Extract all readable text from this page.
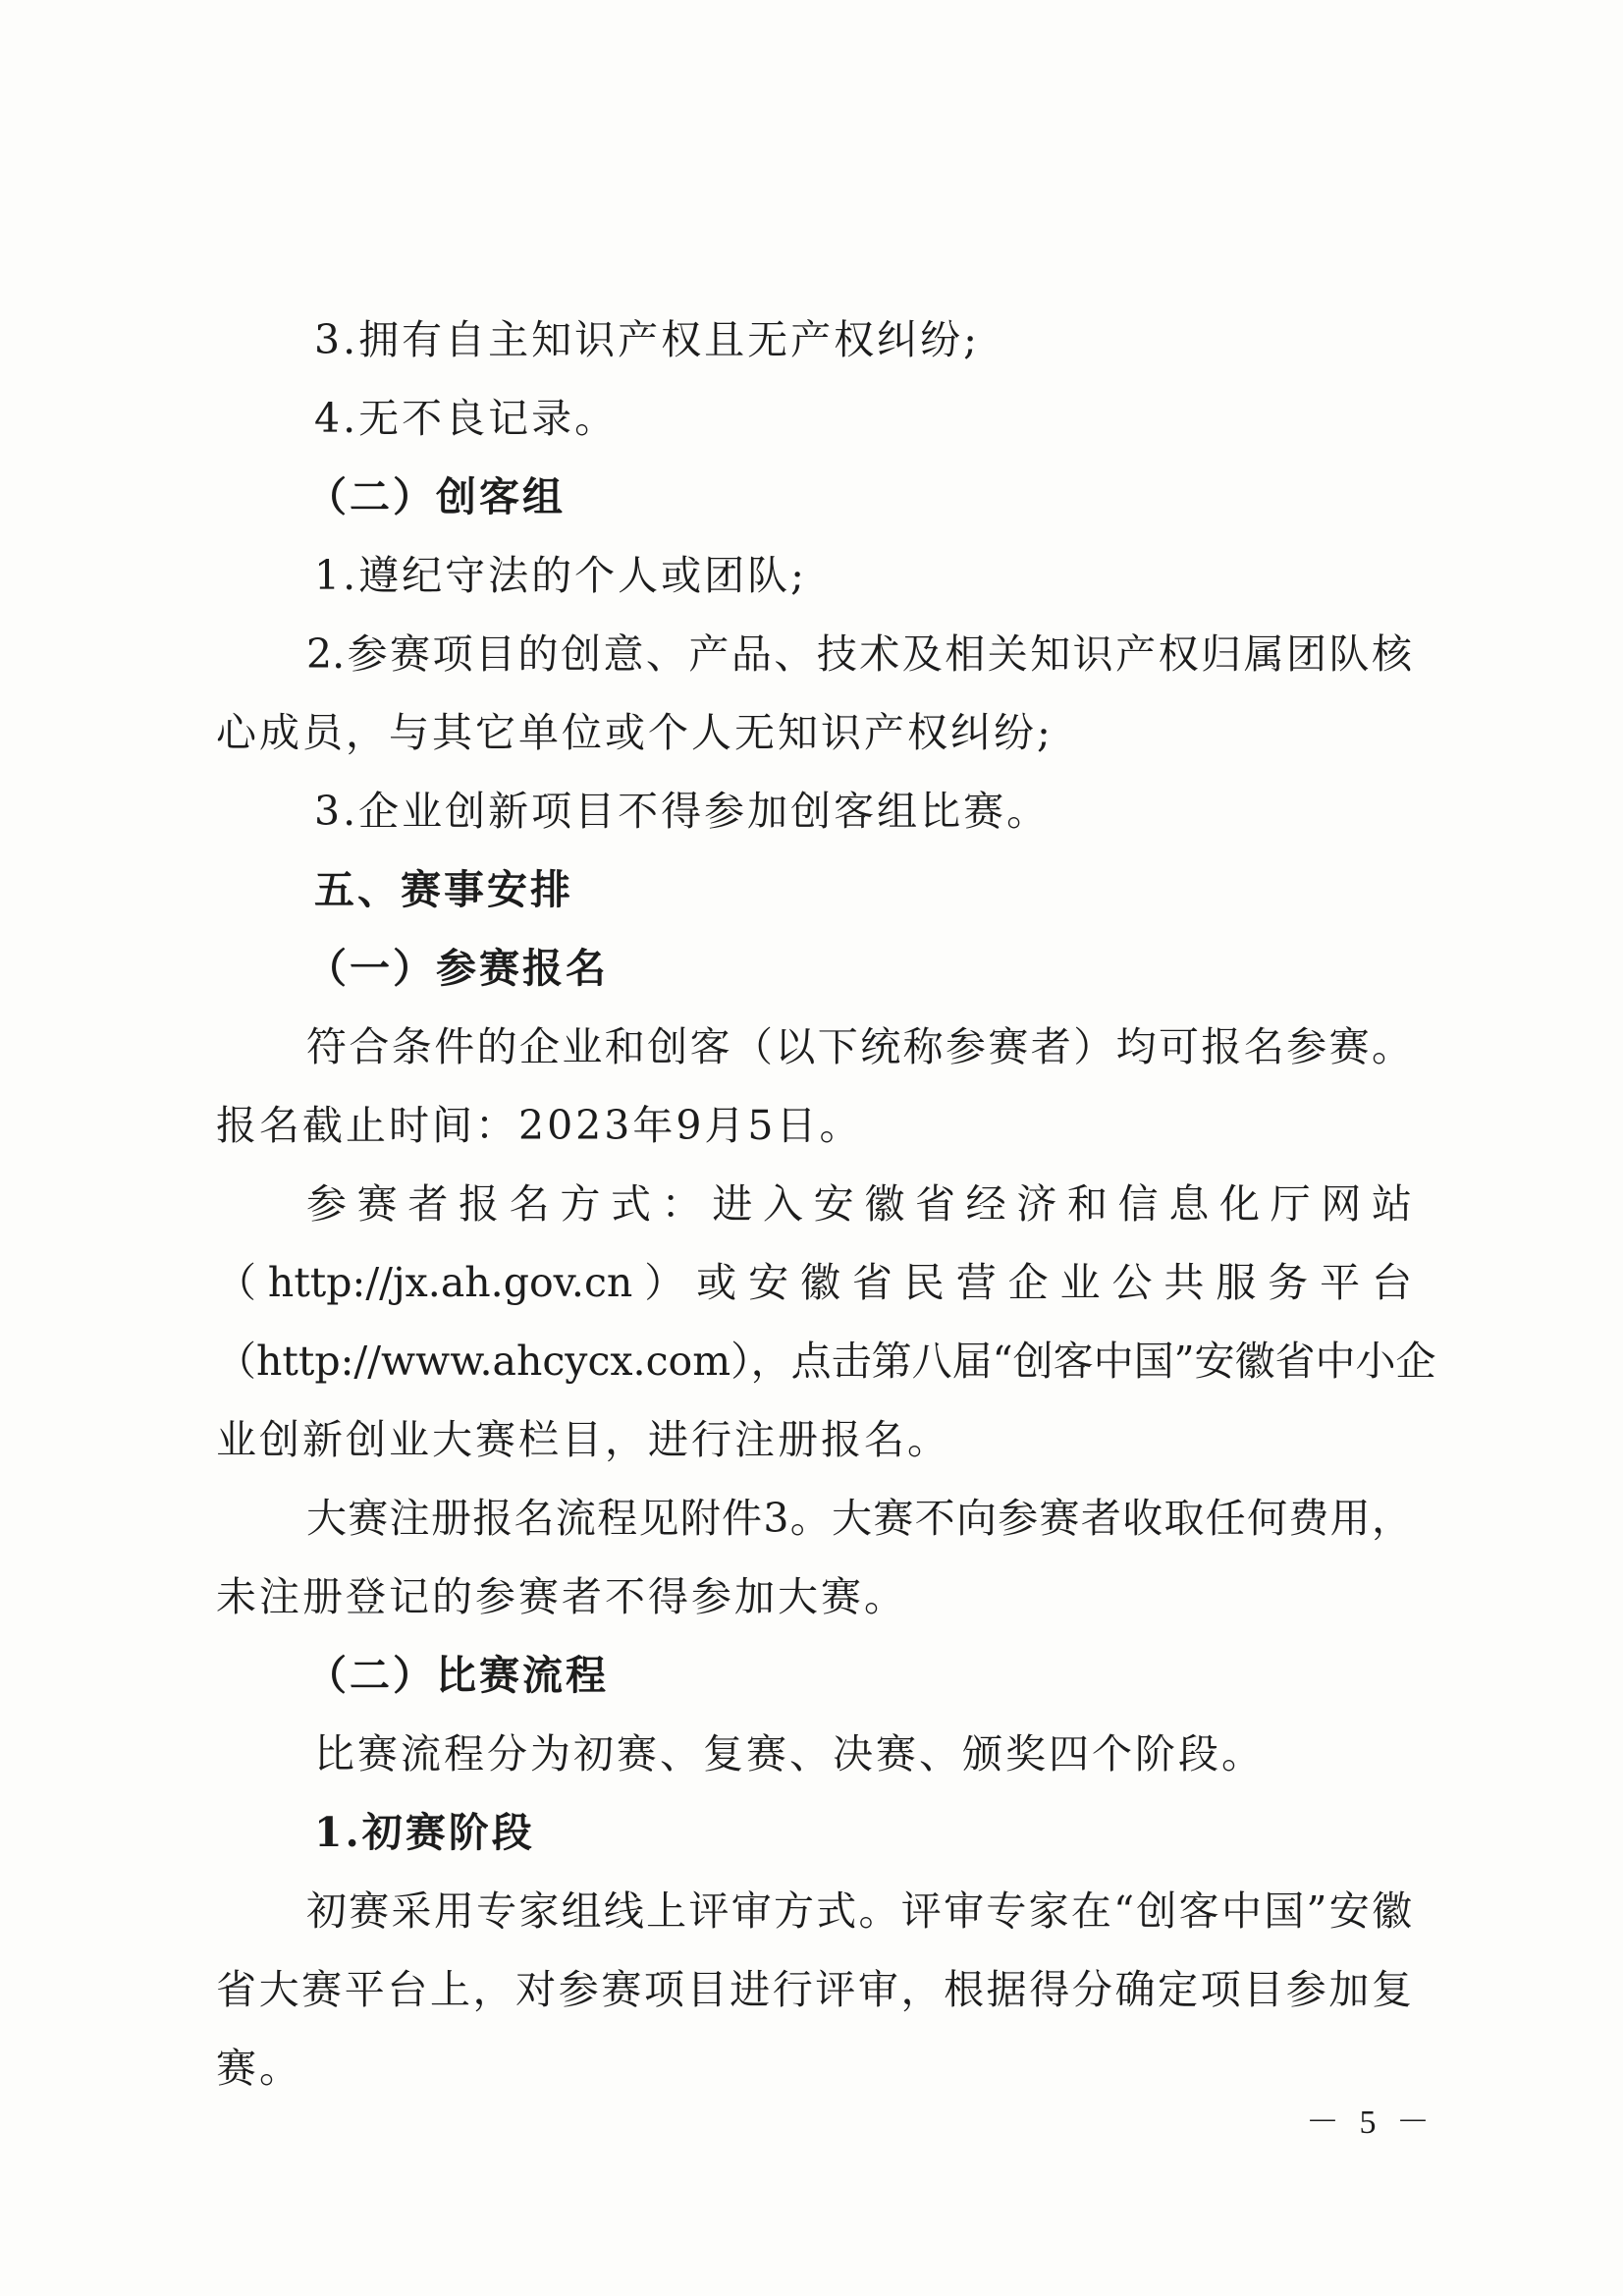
3.拥有自主知识产权且无产权纠纷;
4.无不良记录。
（二）创客组
1.遵纪守法的个人或团队;
2.参赛项目的创意、产品、技术及相关知识产权归属团队核
心成员，与其它单位或个人无知识产权纠纷;
3.企业创新项目不得参加创客组比赛。
五、赛事安排
（一）参赛报名
符合条件的企业和创客（以下统称参赛者）均可报名参赛。
报名截止时间：2023年9月5日。
参赛者报名方式：进入安徽省经济和信息化厅网站
（http://jx.ah.gov.cn）或安徽省民营企业公共服务平台
（http://www.ahcycx.com），点击第八届“创客中国”安徽省中小企
业创新创业大赛栏目，进行注册报名。
大赛注册报名流程见附件3。大赛不向参赛者收取任何费用，
未注册登记的参赛者不得参加大赛。
（二）比赛流程
比赛流程分为初赛、复赛、决赛、颁奖四个阶段。
1.初赛阶段
初赛采用专家组线上评审方式。评审专家在“创客中国”安徽
省大赛平台上，对参赛项目进行评审，根据得分确定项目参加复
赛。
－ 5 －
